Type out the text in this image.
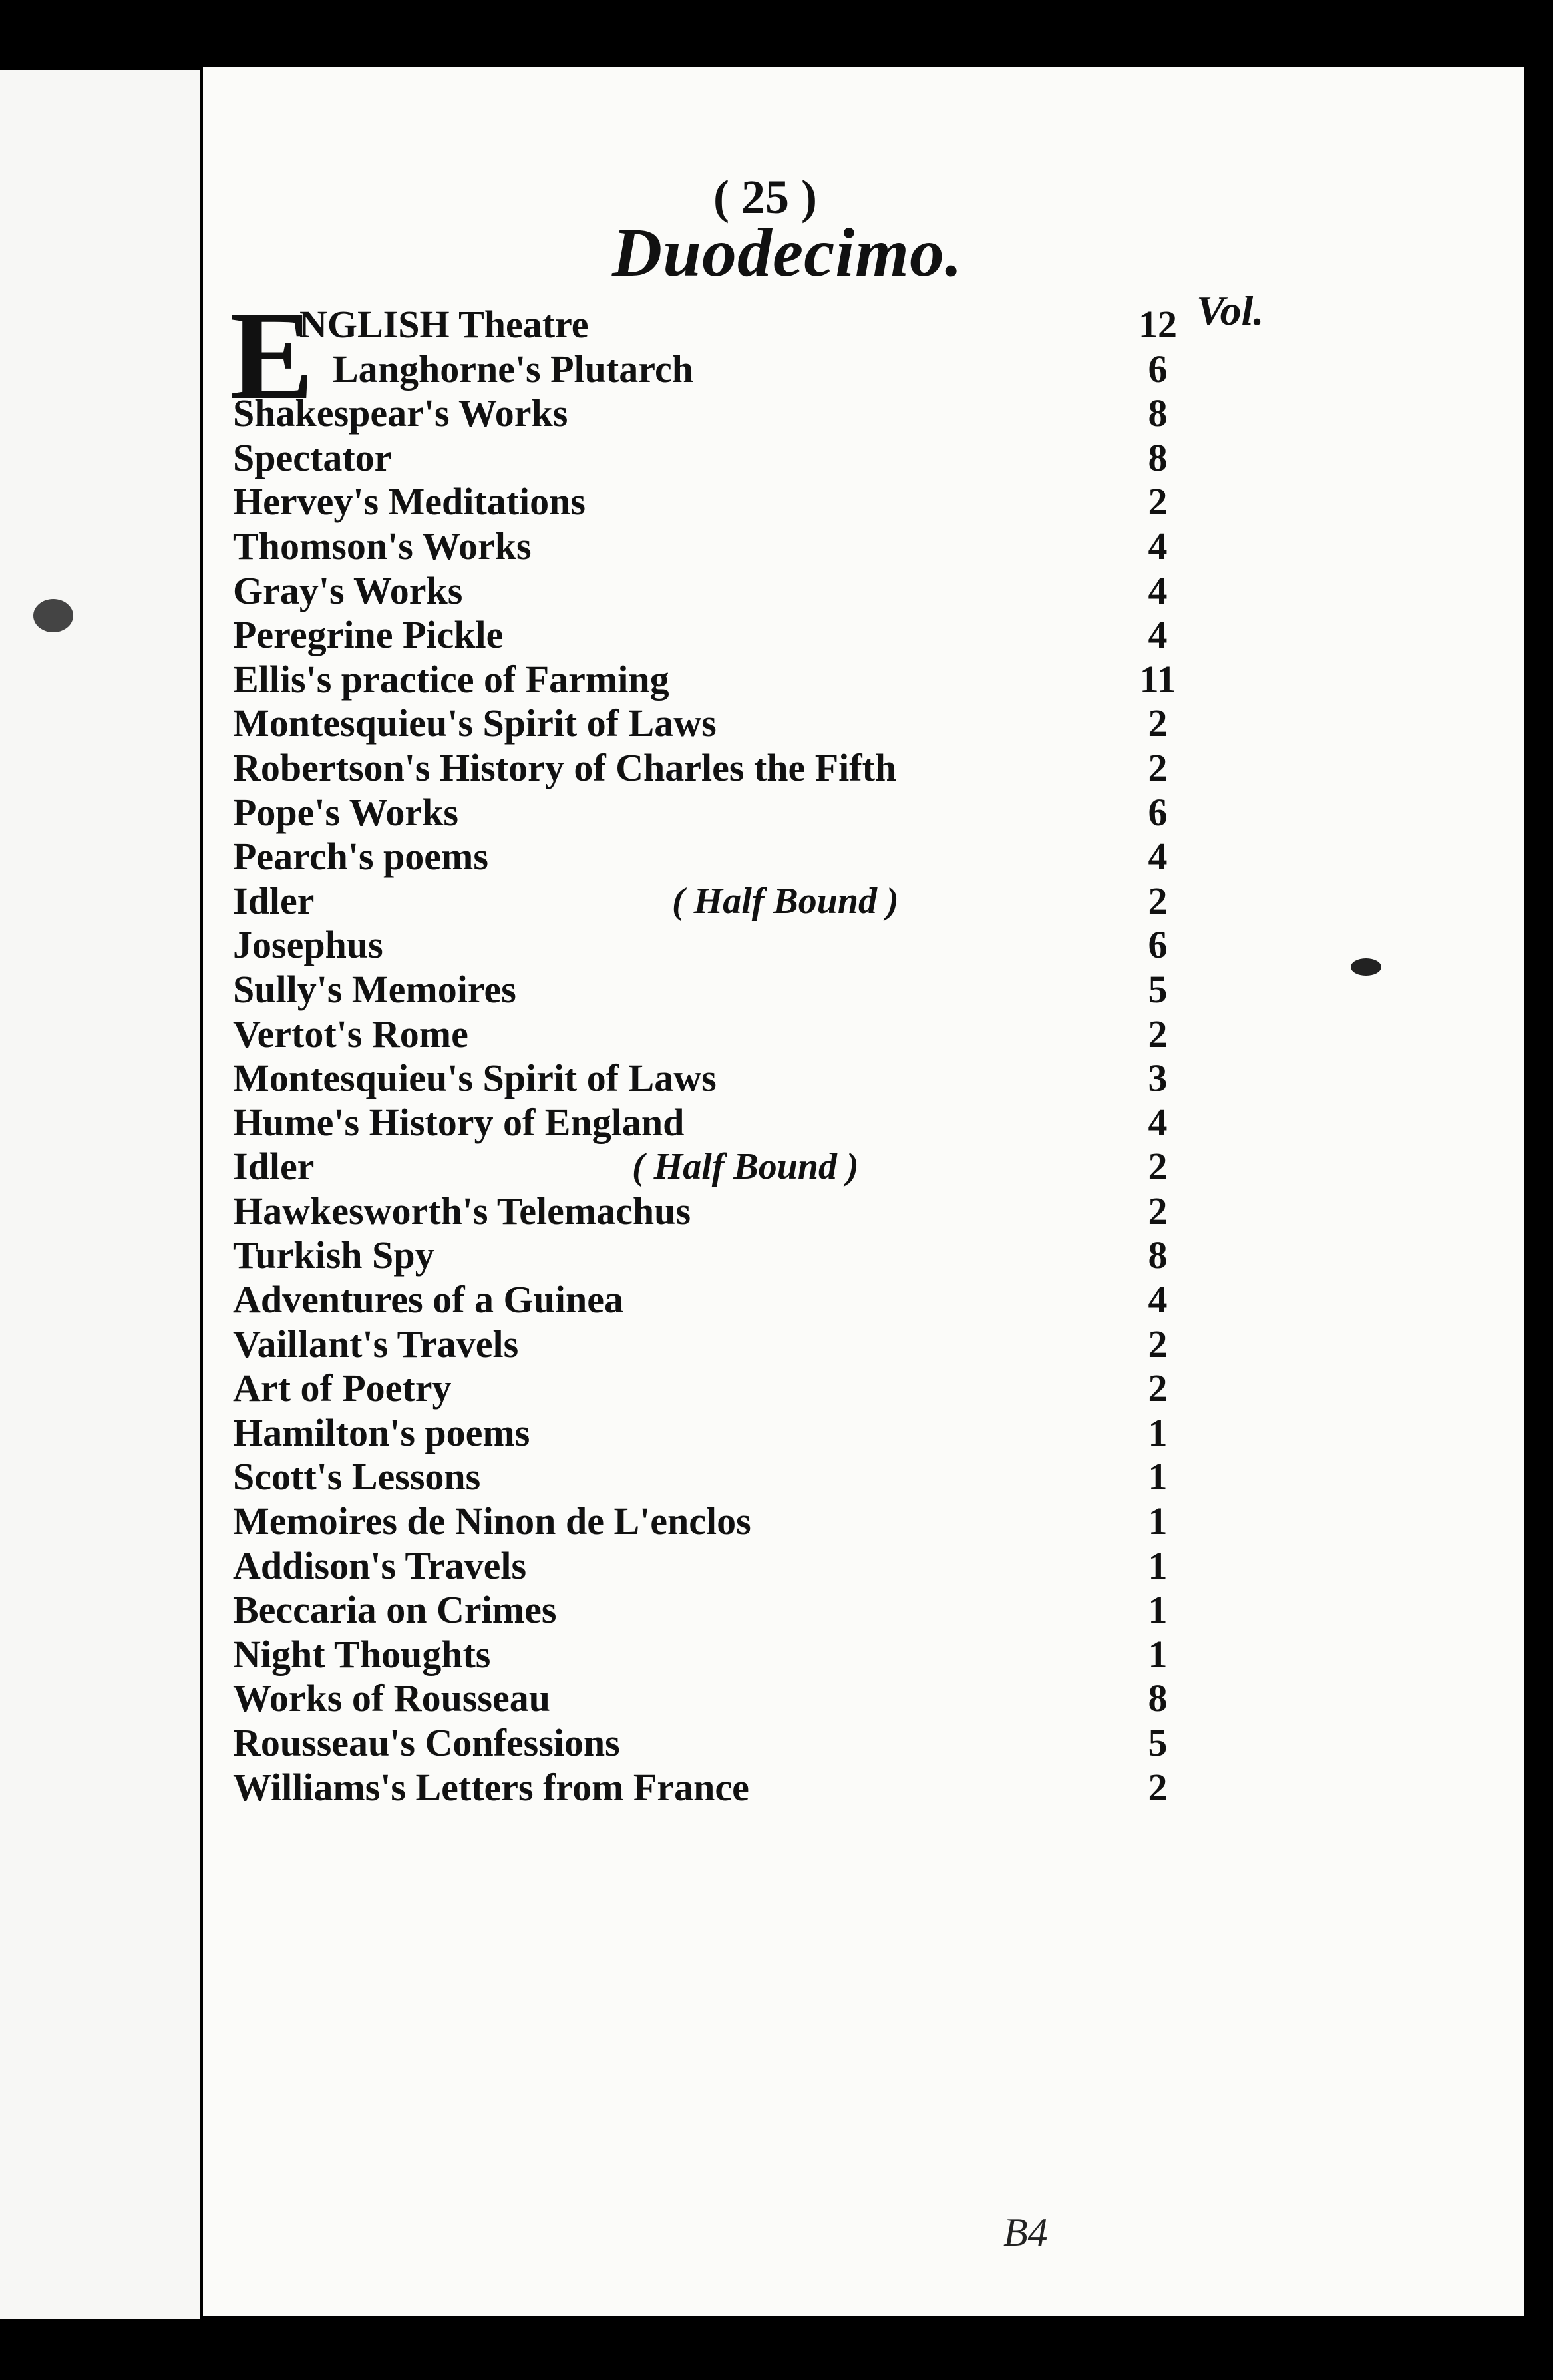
( 25 )
Duodecimo.
Vol.
E
NGLISH Theatre	12
Langhorne's Plutarch	6
Shakespear's Works	8
Spectator	8
Hervey's Meditations	2
Thomson's Works	4
Gray's Works	4
Peregrine Pickle	4
Ellis's practice of Farming	11
Montesquieu's Spirit of Laws	2
Robertson's History of Charles the Fifth	2
Pope's Works	6
Pearch's poems	4
Idler	( Half Bound )	2
Josephus	6
Sully's Memoires	5
Vertot's Rome	2
Montesquieu's Spirit of Laws	3
Hume's History of England	4
Idler	( Half Bound )	2
Hawkesworth's Telemachus	2
Turkish Spy	8
Adventures of a Guinea	4
Vaillant's Travels	2
Art of Poetry	2
Hamilton's poems	1
Scott's Lessons	1
Memoires de Ninon de L'enclos	1
Addison's Travels	1
Beccaria on Crimes	1
Night Thoughts	1
Works of Rousseau	8
Rousseau's Confessions	5
Williams's Letters from France	2
B4
